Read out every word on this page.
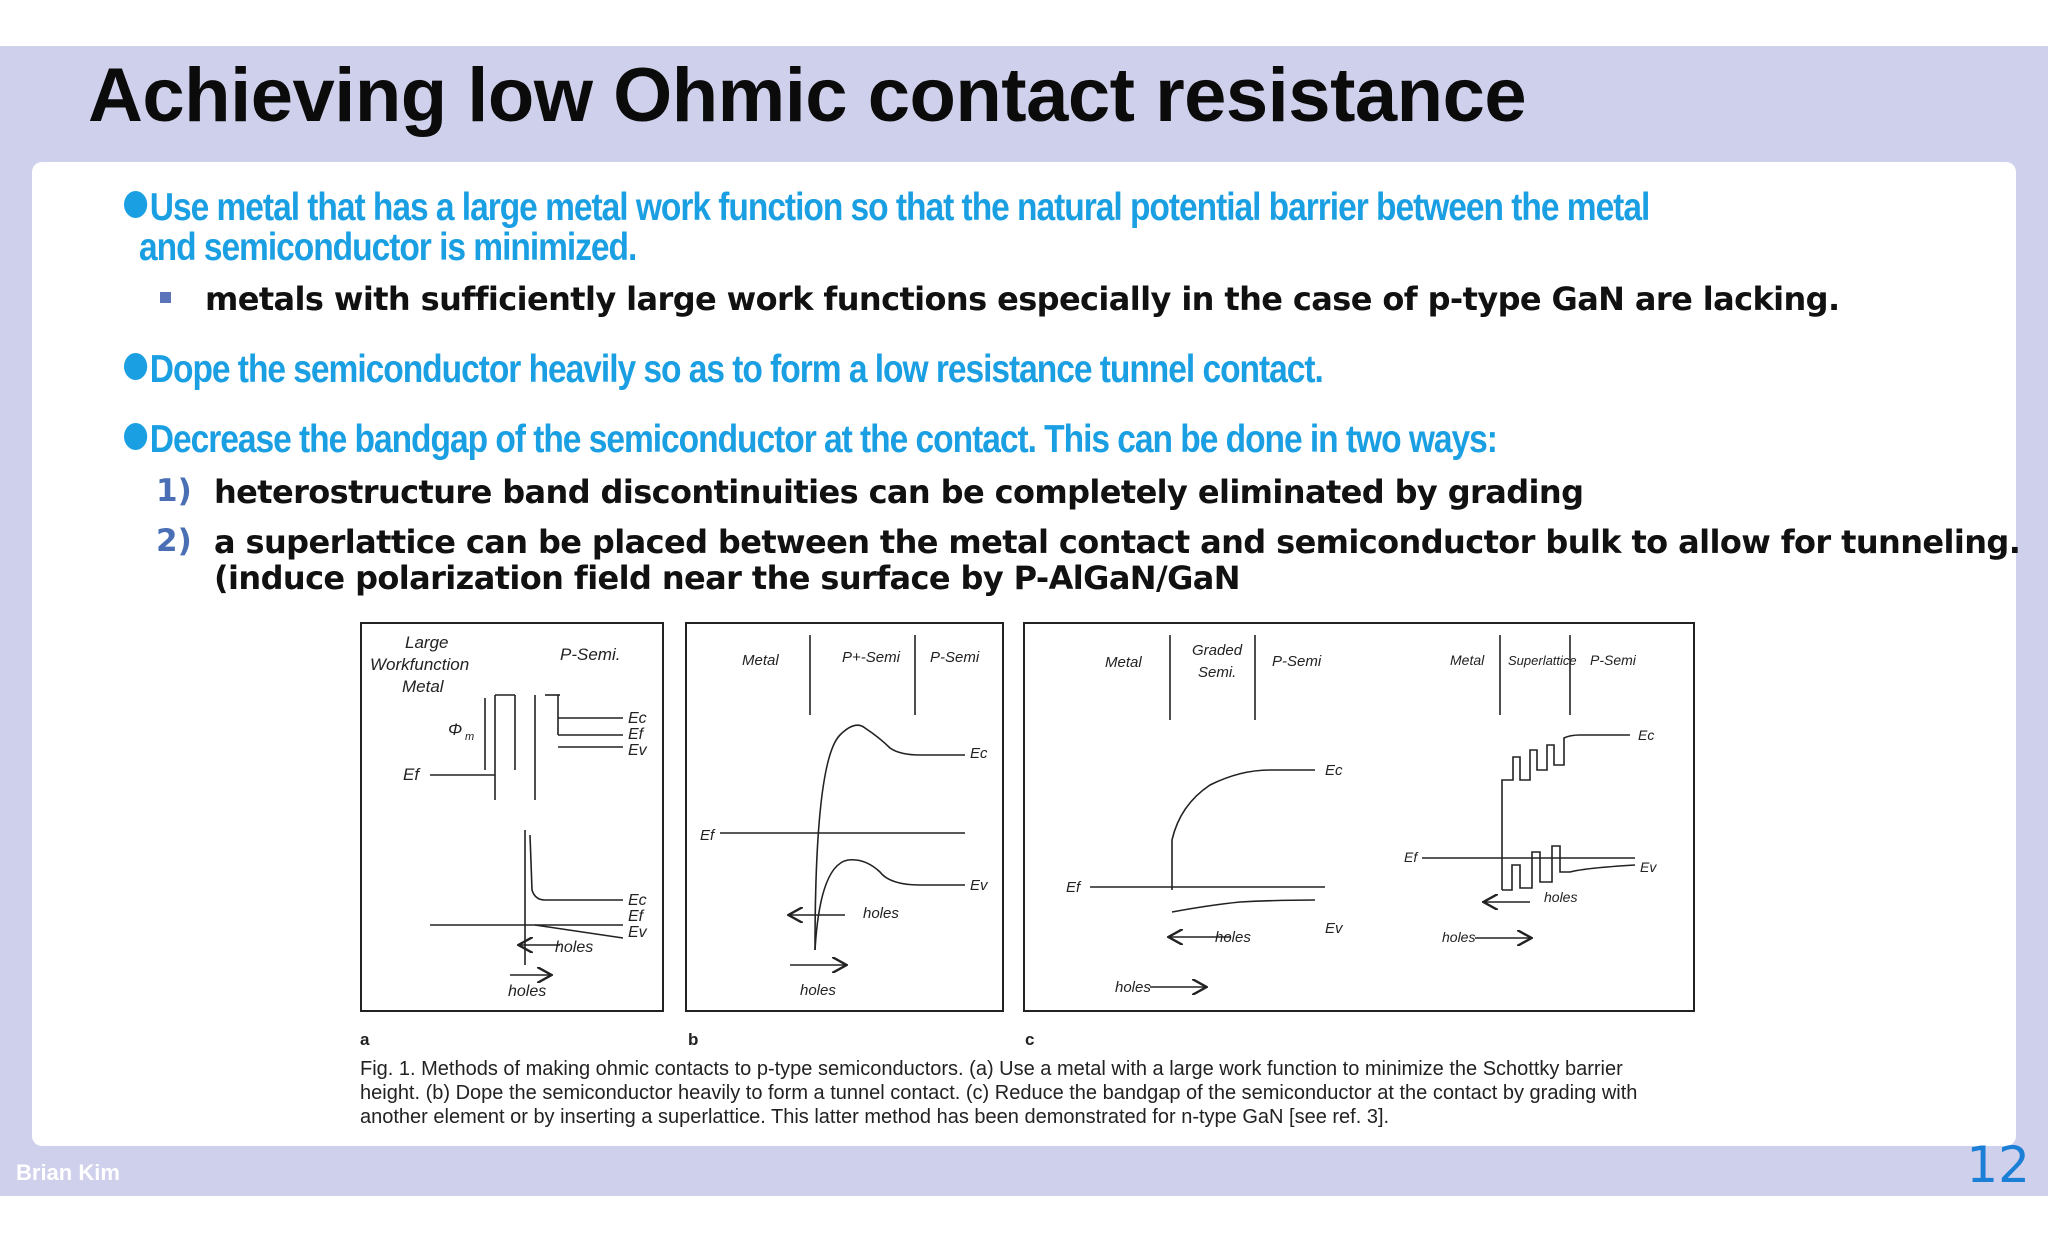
Achieving low Ohmic contact resistance
Use metal that has a large metal work function so that the natural potential barrier between the metal
and semiconductor is minimized.
metals with sufficiently large work functions especially in the case of p-type GaN are lacking.
Dope the semiconductor heavily so as to form a low resistance tunnel contact.
Decrease the bandgap of the semiconductor at the contact. This can be done in two ways:
1) heterostructure band discontinuities can be completely eliminated by grading
2) a superlattice can be placed between the metal contact and semiconductor bulk to allow for tunneling.
(induce polarization field near the surface by P-AlGaN/GaN
Large
Workfunction
Metal
P-Semi.
Φ m
Ef
Ec
Ef
Ev
Ec
Ef
Ev
holes
holes
a
Metal	P+-Semi P-Semi
Ef
Ec
Ev
holes
holes
b
Metal
Graded
Semi.
P-Semi
Ec
Ef
Ev
holes
holes
Metal Superlattice P-Semi
Ec
Ef
Ev
holes
holes
c
Fig. 1. Methods of making ohmic contacts to p-type semiconductors. (a) Use a metal with a large work function to minimize the Schottky barrier
height. (b) Dope the semiconductor heavily to form a tunnel contact. (c) Reduce the bandgap of the semiconductor at the contact by grading with
another element or by inserting a superlattice. This latter method has been demonstrated for n-type GaN [see ref. 3].
Brian Kim	12
